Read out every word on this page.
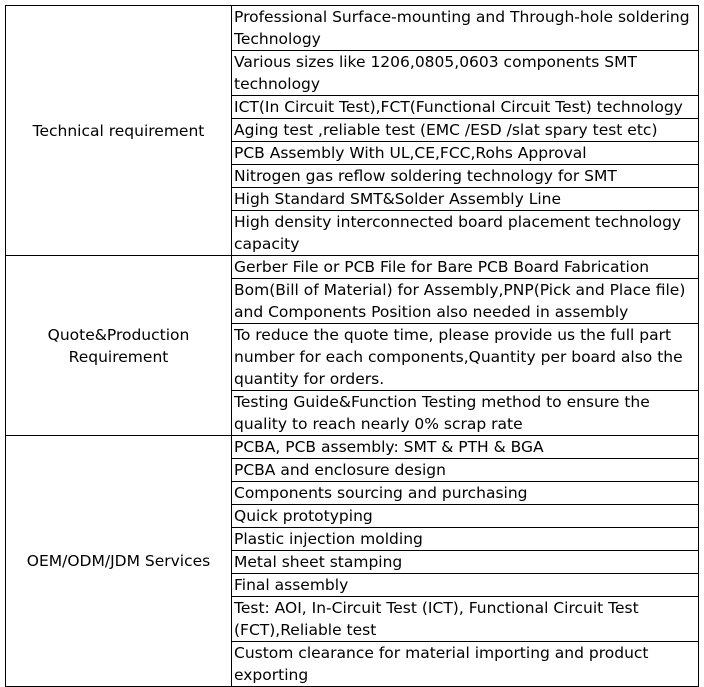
Technical requirement	Professional Surface-mounting and Through-hole soldering Technology
	Various sizes like 1206,0805,0603 components SMT technology
	ICT(In Circuit Test),FCT(Functional Circuit Test) technology
	Aging test ,reliable test (EMC /ESD /slat spary test etc)
	PCB Assembly With UL,CE,FCC,Rohs Approval
	Nitrogen gas reflow soldering technology for SMT
	High Standard SMT&Solder Assembly Line
	High density interconnected board placement technology capacity

Quote&Production
Requirement	Gerber File or PCB File for Bare PCB Board Fabrication
	Bom(Bill of Material) for Assembly,PNP(Pick and Place file) and Components Position also needed in assembly
	To reduce the quote time, please provide us the full part number for each components,Quantity per board also the quantity for orders.
	Testing Guide&Function Testing method to ensure the quality to reach nearly 0% scrap rate

OEM/ODM/JDM Services	PCBA, PCB assembly: SMT & PTH & BGA
	PCBA and enclosure design
	Components sourcing and purchasing
	Quick prototyping
	Plastic injection molding
	Metal sheet stamping
	Final assembly
	Test: AOI, In-Circuit Test (ICT), Functional Circuit Test (FCT),Reliable test
	Custom clearance for material importing and product exporting
